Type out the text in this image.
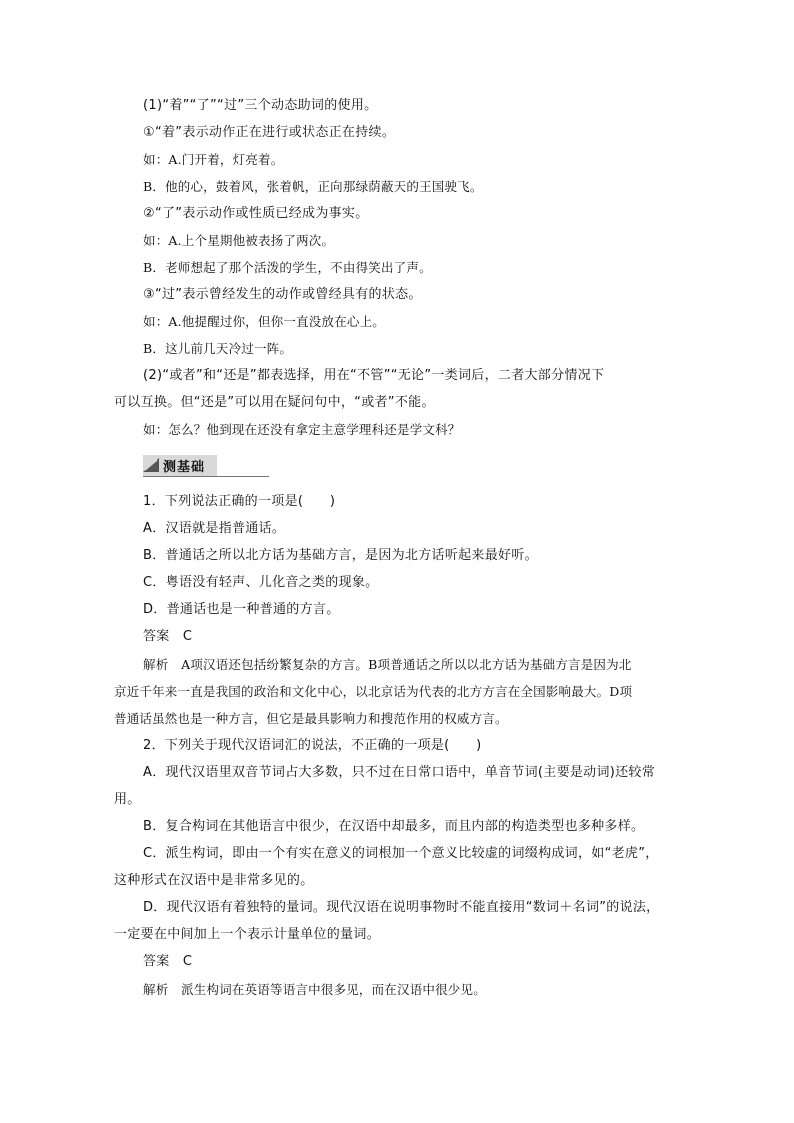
(1)“着”“了”“过”三个动态助词的使用。
①“着”表示动作正在进行或状态正在持续。
如：A.门开着，灯亮着。
B．他的心，鼓着风，张着帆，正向那绿荫蔽天的王国驶飞。
②“了”表示动作或性质已经成为事实。
如：A.上个星期他被表扬了两次。
B．老师想起了那个活泼的学生，不由得笑出了声。
③“过”表示曾经发生的动作或曾经具有的状态。
如：A.他提醒过你，但你一直没放在心上。
B．这儿前几天冷过一阵。
(2)“或者”和“还是”都表选择，用在“不管”“无论”一类词后，二者大部分情况下
可以互换。但“还是”可以用在疑问句中，“或者”不能。
如：怎么？他到现在还没有拿定主意学理科还是学文科？
测基础
1．下列说法正确的一项是(　　)
A．汉语就是指普通话。
B．普通话之所以北方话为基础方言，是因为北方话听起来最好听。
C．粤语没有轻声、儿化音之类的现象。
D．普通话也是一种普通的方言。
答案　C
解析　A项汉语还包括纷繁复杂的方言。B项普通话之所以以北方话为基础方言是因为北
京近千年来一直是我国的政治和文化中心，以北京话为代表的北方方言在全国影响最大。D项
普通话虽然也是一种方言，但它是最具影响力和搜范作用的权威方言。
2．下列关于现代汉语词汇的说法，不正确的一项是(　　)
A．现代汉语里双音节词占大多数，只不过在日常口语中，单音节词(主要是动词)还较常
用。
B．复合构词在其他语言中很少，在汉语中却最多，而且内部的构造类型也多种多样。
C．派生构词，即由一个有实在意义的词根加一个意义比较虚的词缀构成词，如“老虎”，
这种形式在汉语中是非常多见的。
D．现代汉语有着独特的量词。现代汉语在说明事物时不能直接用“数词＋名词”的说法，
一定要在中间加上一个表示计量单位的量词。
答案　C
解析　派生构词在英语等语言中很多见，而在汉语中很少见。
